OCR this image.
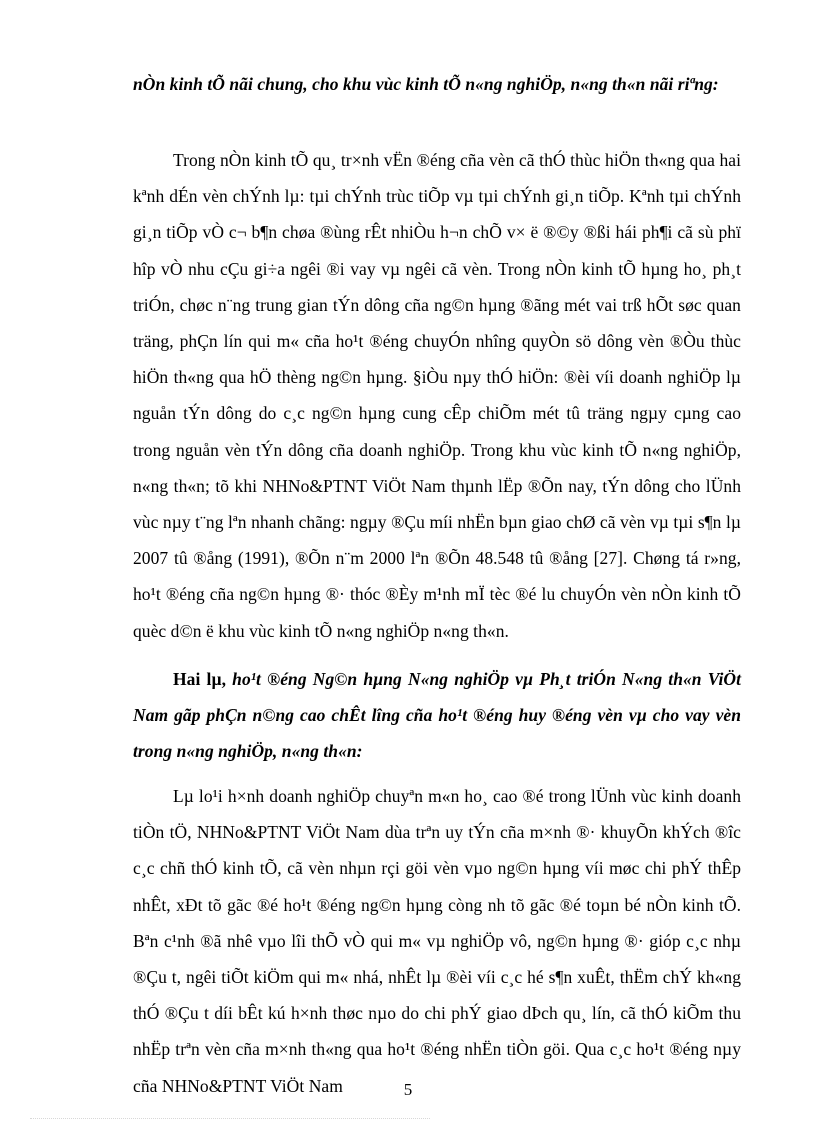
nÒn kinh tÕ nãi chung, cho khu vùc kinh tÕ n«ng nghiÖp, n«ng th«n nãi riªng:
Trong nÒn kinh tÕ qu¸ tr×nh vËn ®éng cña vèn cã thÓ thùc hiÖn th«ng qua hai kªnh dÉn vèn chÝnh lµ: tµi chÝnh trùc tiÕp vµ tµi chÝnh gi¸n tiÕp. Kªnh tµi chÝnh gi¸n tiÕp vÒ c¬ b¶n chøa ®ùng rÊt nhiÒu h¬n chÕ v× ë ®©y ®ßi hái ph¶i cã sù phï hîp vÒ nhu cÇu gi÷a ngêi ®i vay vµ ngêi cã vèn. Trong nÒn kinh tÕ hµng ho¸ ph¸t triÓn, chøc n¨ng trung gian tÝn dông cña ng©n hµng ®ãng mét vai trß hÕt søc quan träng, phÇn lín qui m« cña ho¹t ®éng chuyÓn nhîng quyÒn sö dông vèn ®Òu thùc hiÖn th«ng qua hÖ thèng ng©n hµng. §iÒu nµy thÓ hiÖn: ®èi víi doanh nghiÖp lµ nguån tÝn dông do c¸c ng©n hµng cung cÊp chiÕm mét tû träng ngµy cµng cao trong nguån vèn tÝn dông cña doanh nghiÖp. Trong khu vùc kinh tÕ n«ng nghiÖp, n«ng th«n; tõ khi NHNo&PTNT ViÖt Nam thµnh lËp ®Õn nay, tÝn dông cho lÜnh vùc nµy t¨ng lªn nhanh chãng: ngµy ®Çu míi nhËn bµn giao chØ cã vèn vµ tµi s¶n lµ 2007 tû ®ång (1991), ®Õn n¨m 2000 lªn ®Õn 48.548 tû ®ång [27]. Chøng tá r»ng, ho¹t ®éng cña ng©n hµng ®· thóc ®Èy m¹nh mÏ tèc ®é lu chuyÓn vèn nÒn kinh tÕ quèc d©n ë khu vùc kinh tÕ n«ng nghiÖp n«ng th«n.
Hai lµ, ho¹t ®éng Ng©n hµng N«ng nghiÖp vµ Ph¸t triÓn N«ng th«n ViÖt Nam gãp phÇn n©ng cao chÊt lîng cña ho¹t ®éng huy ®éng vèn vµ cho vay vèn trong n«ng nghiÖp, n«ng th«n:
Lµ lo¹i h×nh doanh nghiÖp chuyªn m«n ho¸ cao ®é trong lÜnh vùc kinh doanh tiÒn tÖ, NHNo&PTNT ViÖt Nam dùa trªn uy tÝn cña m×nh ®· khuyÕn khÝch ®îc c¸c chñ thÓ kinh tÕ, cã vèn nhµn rçi göi vèn vµo ng©n hµng víi møc chi phÝ thÊp nhÊt, xÐt tõ gãc ®é ho¹t ®éng ng©n hµng còng nh tõ gãc ®é toµn bé nÒn kinh tÕ. Bªn c¹nh ®ã nhê vµo lîi thÕ vÒ qui m« vµ nghiÖp vô, ng©n hµng ®· gióp c¸c nhµ ®Çu t, ngêi tiÕt kiÖm qui m« nhá, nhÊt lµ ®èi víi c¸c hé s¶n xuÊt, thËm chÝ kh«ng thÓ ®Çu t díi bÊt kú h×nh thøc nµo do chi phÝ giao dÞch qu¸ lín, cã thÓ kiÕm thu nhËp trªn vèn cña m×nh th«ng qua ho¹t ®éng nhËn tiÒn göi. Qua c¸c ho¹t ®éng nµy cña NHNo&PTNT ViÖt Nam	5
